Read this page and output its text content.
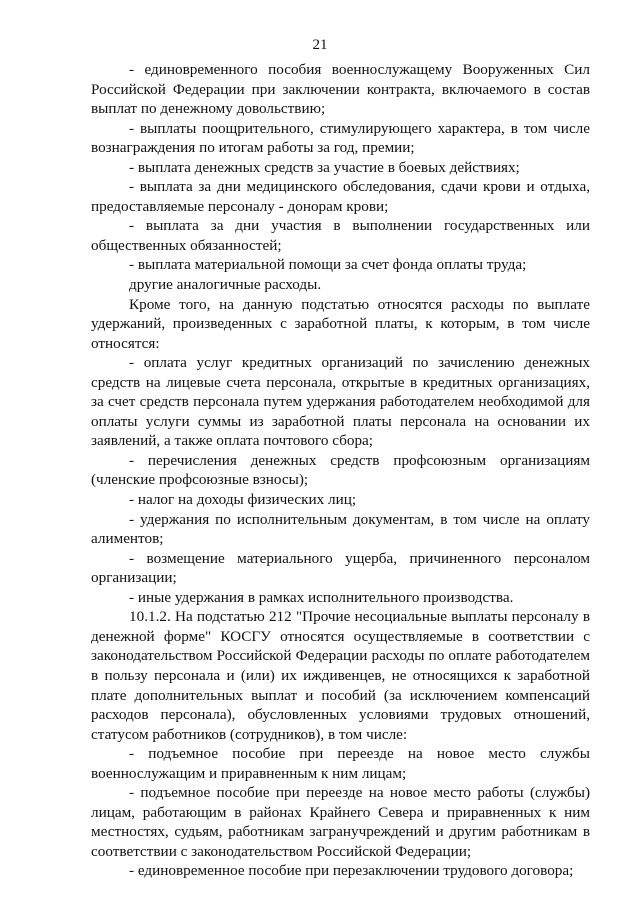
21

- единовременного пособия военнослужащему Вооруженных Сил Российской Федерации при заключении контракта, включаемого в состав выплат по денежному довольствию;

- выплаты поощрительного, стимулирующего характера, в том числе вознаграждения по итогам работы за год, премии;

- выплата денежных средств за участие в боевых действиях;

- выплата за дни медицинского обследования, сдачи крови и отдыха, предоставляемые персоналу - донорам крови;

- выплата за дни участия в выполнении государственных или общественных обязанностей;

- выплата материальной помощи за счет фонда оплаты труда;

другие аналогичные расходы.

Кроме того, на данную подстатью относятся расходы по выплате удержаний, произведенных с заработной платы, к которым, в том числе относятся:

- оплата услуг кредитных организаций по зачислению денежных средств на лицевые счета персонала, открытые в кредитных организациях, за счет средств персонала путем удержания работодателем необходимой для оплаты услуги суммы из заработной платы персонала на основании их заявлений, а также оплата почтового сбора;

- перечисления денежных средств профсоюзным организациям (членские профсоюзные взносы);

- налог на доходы физических лиц;

- удержания по исполнительным документам, в том числе на оплату алиментов;

- возмещение материального ущерба, причиненного персоналом организации;

- иные удержания в рамках исполнительного производства.

10.1.2. На подстатью 212 "Прочие несоциальные выплаты персоналу в денежной форме" КОСГУ относятся осуществляемые в соответствии с законодательством Российской Федерации расходы по оплате работодателем в пользу персонала и (или) их иждивенцев, не относящихся к заработной плате дополнительных выплат и пособий (за исключением компенсаций расходов персонала), обусловленных условиями трудовых отношений, статусом работников (сотрудников), в том числе:

- подъемное пособие при переезде на новое место службы военнослужащим и приравненным к ним лицам;

- подъемное пособие при переезде на новое место работы (службы) лицам, работающим в районах Крайнего Севера и приравненных к ним местностях, судьям, работникам загранучреждений и другим работникам в соответствии с законодательством Российской Федерации;

- единовременное пособие при перезаключении трудового договора;
